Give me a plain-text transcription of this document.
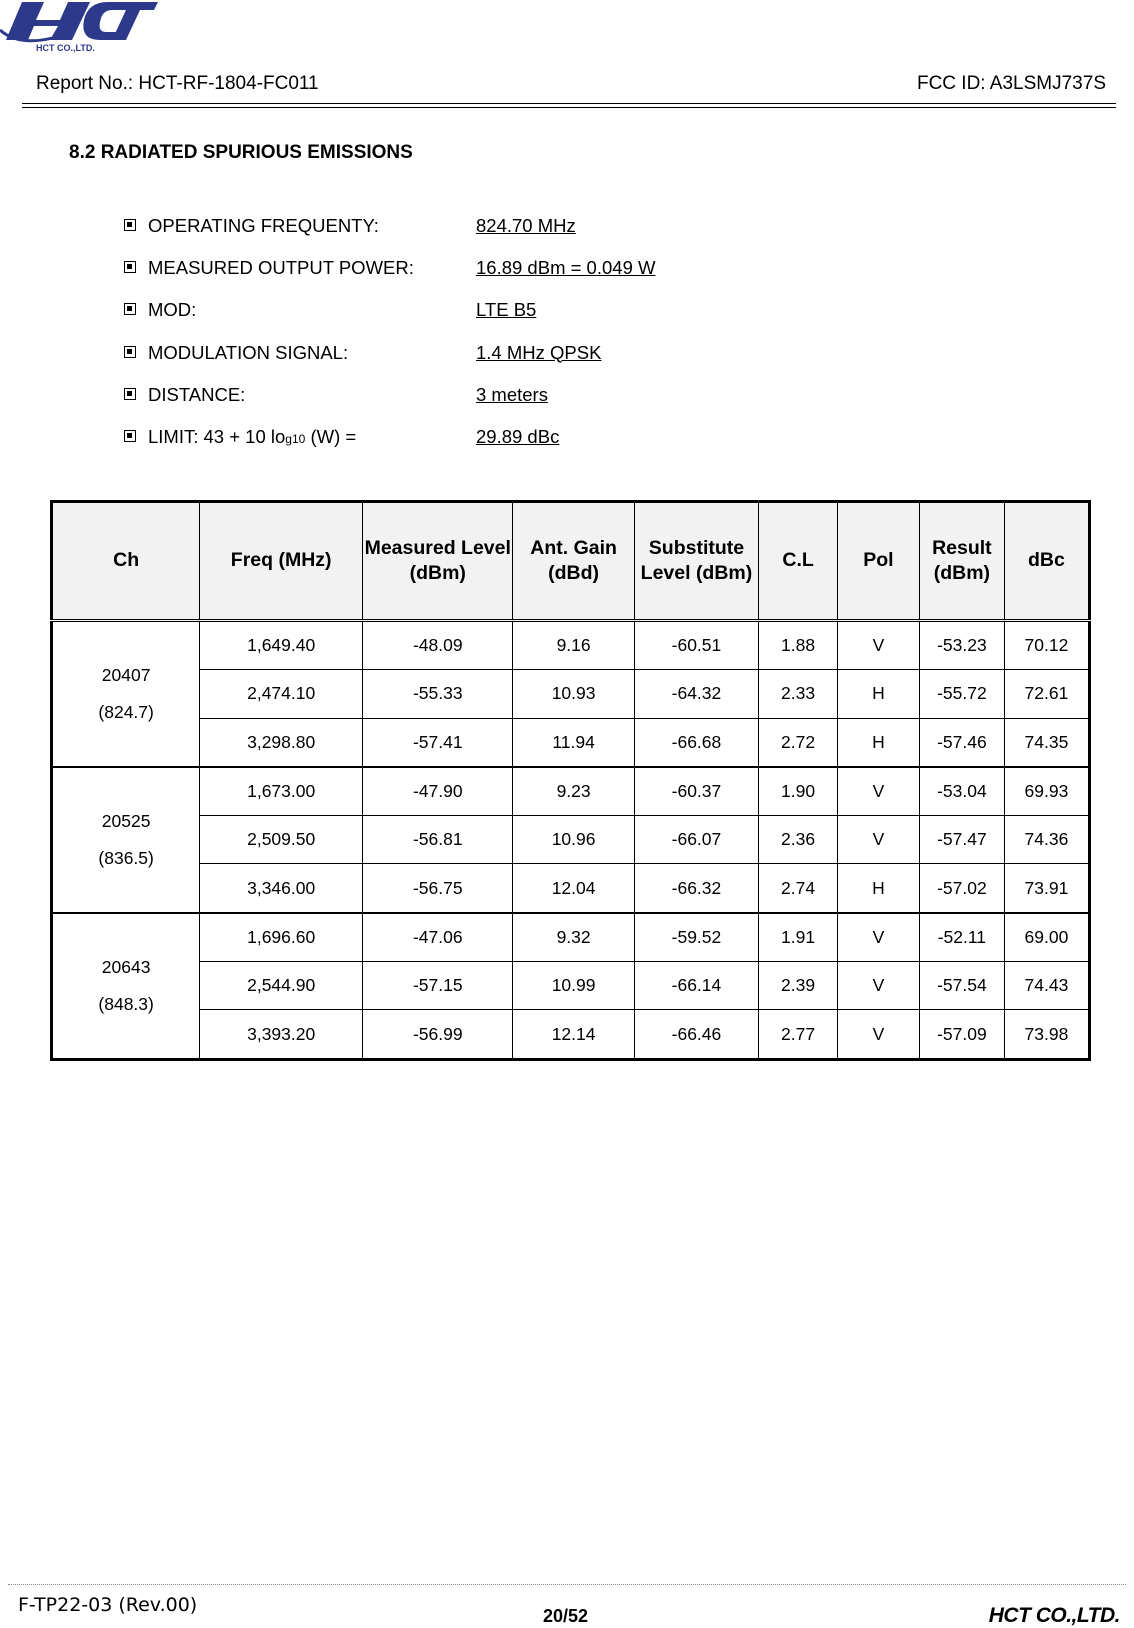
HCT CO.,LTD.
Report No.: HCT-RF-1804-FC011	FCC ID: A3LSMJ737S
8.2 RADIATED SPURIOUS EMISSIONS
OPERATING FREQUENTY:	824.70 MHz
MEASURED OUTPUT POWER:	16.89 dBm = 0.049 W
MOD:	LTE B5
MODULATION SIGNAL:	1.4 MHz QPSK
DISTANCE:	3 meters
LIMIT: 43 + 10 log10 (W) =	29.89 dBc
Ch	Freq (MHz)	Measured Level (dBm)	Ant. Gain (dBd)	Substitute Level (dBm)	C.L	Pol	Result (dBm)	dBc

20407
(824.7)	1,649.40	-48.09	9.16	-60.51	1.88	V	-53.23	70.12
	2,474.10	-55.33	10.93	-64.32	2.33	H	-55.72	72.61
	3,298.80	-57.41	11.94	-66.68	2.72	H	-57.46	74.35

20525
(836.5)	1,673.00	-47.90	9.23	-60.37	1.90	V	-53.04	69.93
	2,509.50	-56.81	10.96	-66.07	2.36	V	-57.47	74.36
	3,346.00	-56.75	12.04	-66.32	2.74	H	-57.02	73.91

20643
(848.3)	1,696.60	-47.06	9.32	-59.52	1.91	V	-52.11	69.00
	2,544.90	-57.15	10.99	-66.14	2.39	V	-57.54	74.43
	3,393.20	-56.99	12.14	-66.46	2.77	V	-57.09	73.98
F-TP22-03 (Rev.00)	20/52	HCT CO.,LTD.
